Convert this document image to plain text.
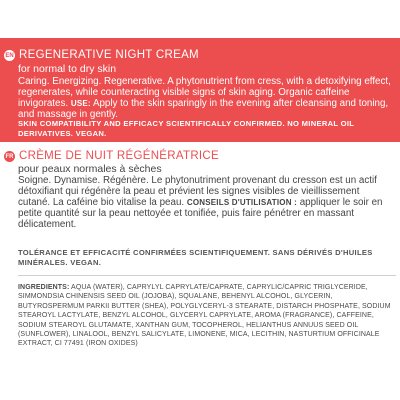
EN REGENERATIVE NIGHT CREAM
for normal to dry skin

Caring. Energizing. Regenerative. A phytonutrient from cress, with a detoxifying effect, regenerates, while counteracting visible signs of skin aging. Organic caffeine invigorates. USE: Apply to the skin sparingly in the evening after cleansing and toning, and massage in gently.

SKIN COMPATIBILITY AND EFFICACY SCIENTIFICALLY CONFIRMED. NO MINERAL OIL DERIVATIVES. VEGAN.

FR CRÈME DE NUIT RÉGÉNÉRATRICE
pour peaux normales à sèches

Soigne. Dynamise. Régénère. Le phytonutriment provenant du cresson est un actif détoxifiant qui régénère la peau et prévient les signes visibles de vieillissement cutané. La caféine bio vitalise la peau. CONSEILS D'UTILISATION : appliquer le soir en petite quantité sur la peau nettoyée et tonifiée, puis faire pénétrer en massant délicatement.

TOLÉRANCE ET EFFICACITÉ CONFIRMÉES SCIENTIFIQUEMENT. SANS DÉRIVÉS D'HUILES MINÉRALES. VEGAN.

INGREDIENTS: AQUA (WATER), CAPRYLYL CAPRYLATE/CAPRATE, CAPRYLIC/CAPRIC TRIGLYCERIDE, SIMMONDSIA CHINENSIS SEED OIL (JOJOBA), SQUALANE, BEHENYL ALCOHOL, GLYCERIN, BUTYROSPERMUM PARKII BUTTER (SHEA), POLYGLYCERYL-3 STEARATE, DISTARCH PHOSPHATE, SODIUM STEAROYL LACTYLATE, BENZYL ALCOHOL, GLYCERYL CAPRYLATE, AROMA (FRAGRANCE), CAFFEINE, SODIUM STEAROYL GLUTAMATE, XANTHAN GUM, TOCOPHEROL, HELIANTHUS ANNUUS SEED OIL (SUNFLOWER), LINALOOL, BENZYL SALICYLATE, LIMONENE, MICA, LECITHIN, NASTURTIUM OFFICINALE EXTRACT, CI 77491 (IRON OXIDES)
